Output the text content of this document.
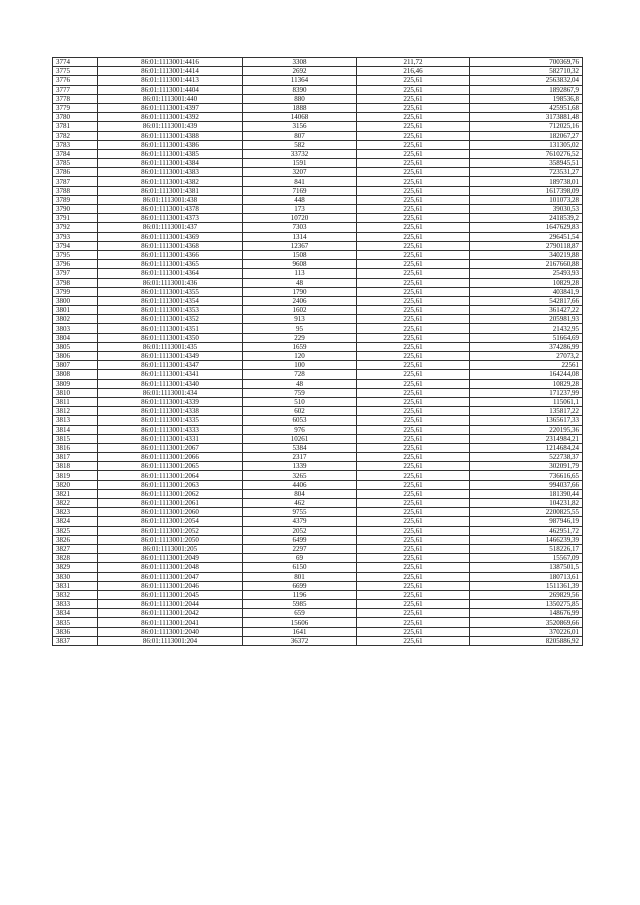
3774	86:01:1113001:4416	3308	211,72	700369,76
3775	86:01:1113001:4414	2692	216,46	582710,32
3776	86:01:1113001:4413	11364	225,61	2563832,04
3777	86:01:1113001:4404	8390	225,61	1892867,9
3778	86:01:1113001:440	880	225,61	198536,8
3779	86:01:1113001:4397	1888	225,61	425951,68
3780	86:01:1113001:4392	14068	225,61	3173881,48
3781	86:01:1113001:439	3156	225,61	712025,16
3782	86:01:1113001:4388	807	225,61	182067,27
3783	86:01:1113001:4386	582	225,61	131305,02
3784	86:01:1113001:4385	33732	225,61	7610276,52
3785	86:01:1113001:4384	1591	225,61	358945,51
3786	86:01:1113001:4383	3207	225,61	723531,27
3787	86:01:1113001:4382	841	225,61	189738,01
3788	86:01:1113001:4381	7169	225,61	1617398,09
3789	86:01:1113001:438	448	225,61	101073,28
3790	86:01:1113001:4378	173	225,61	39030,53
3791	86:01:1113001:4373	10720	225,61	2418539,2
3792	86:01:1113001:437	7303	225,61	1647629,83
3793	86:01:1113001:4369	1314	225,61	296451,54
3794	86:01:1113001:4368	12367	225,61	2790118,87
3795	86:01:1113001:4366	1508	225,61	340219,88
3796	86:01:1113001:4365	9608	225,61	2167660,88
3797	86:01:1113001:4364	113	225,61	25493,93
3798	86:01:1113001:436	48	225,61	10829,28
3799	86:01:1113001:4355	1790	225,61	403841,9
3800	86:01:1113001:4354	2406	225,61	542817,66
3801	86:01:1113001:4353	1602	225,61	361427,22
3802	86:01:1113001:4352	913	225,61	205981,93
3803	86:01:1113001:4351	95	225,61	21432,95
3804	86:01:1113001:4350	229	225,61	51664,69
3805	86:01:1113001:435	1659	225,61	374286,99
3806	86:01:1113001:4349	120	225,61	27073,2
3807	86:01:1113001:4347	100	225,61	22561
3808	86:01:1113001:4341	728	225,61	164244,08
3809	86:01:1113001:4340	48	225,61	10829,28
3810	86:01:1113001:434	759	225,61	171237,99
3811	86:01:1113001:4339	510	225,61	115061,1
3812	86:01:1113001:4338	602	225,61	135817,22
3813	86:01:1113001:4335	6053	225,61	1365617,33
3814	86:01:1113001:4333	976	225,61	220195,36
3815	86:01:1113001:4331	10261	225,61	2314984,21
3816	86:01:1113001:2067	5384	225,61	1214684,24
3817	86:01:1113001:2066	2317	225,61	522738,37
3818	86:01:1113001:2065	1339	225,61	302091,79
3819	86:01:1113001:2064	3265	225,61	736616,65
3820	86:01:1113001:2063	4406	225,61	994037,66
3821	86:01:1113001:2062	804	225,61	181390,44
3822	86:01:1113001:2061	462	225,61	104231,82
3823	86:01:1113001:2060	9755	225,61	2200825,55
3824	86:01:1113001:2054	4379	225,61	987946,19
3825	86:01:1113001:2052	2052	225,61	462951,72
3826	86:01:1113001:2050	6499	225,61	1466239,39
3827	86:01:1113001:205	2297	225,61	518226,17
3828	86:01:1113001:2049	69	225,61	15567,09
3829	86:01:1113001:2048	6150	225,61	1387501,5
3830	86:01:1113001:2047	801	225,61	180713,61
3831	86:01:1113001:2046	6699	225,61	1511361,39
3832	86:01:1113001:2045	1196	225,61	269829,56
3833	86:01:1113001:2044	5985	225,61	1350275,85
3834	86:01:1113001:2042	659	225,61	148676,99
3835	86:01:1113001:2041	15606	225,61	3520869,66
3836	86:01:1113001:2040	1641	225,61	370226,01
3837	86:01:1113001:204	36372	225,61	8205886,92
